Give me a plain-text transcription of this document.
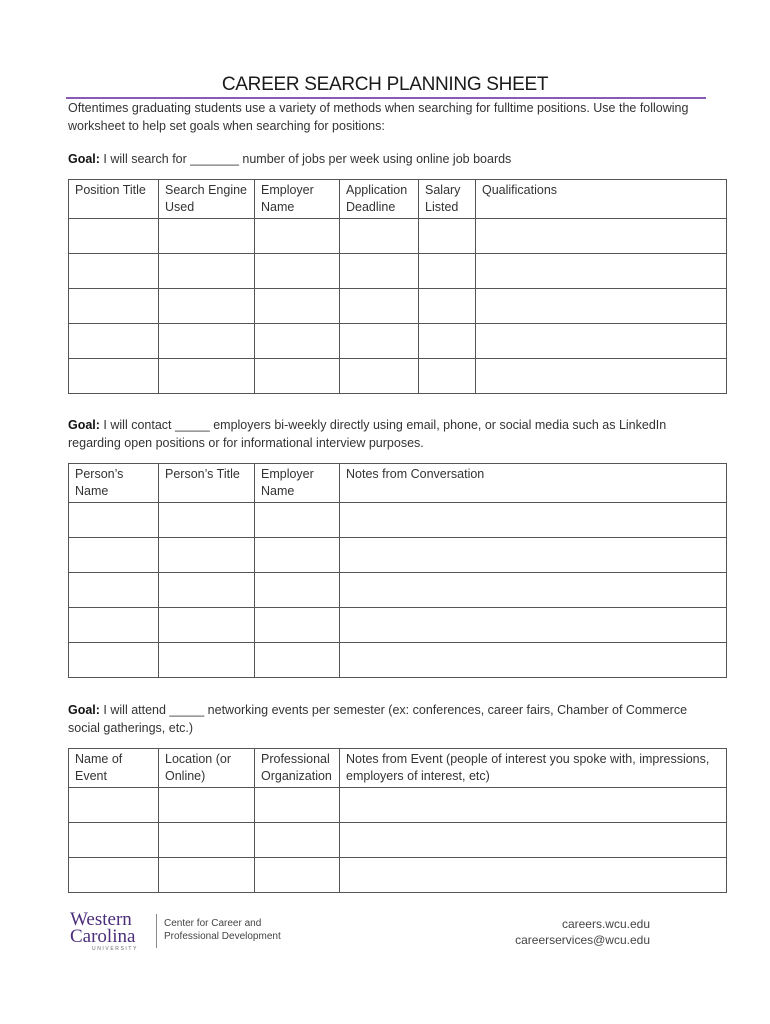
CAREER SEARCH PLANNING SHEET
Oftentimes graduating students use a variety of methods when searching for fulltime positions. Use the following worksheet to help set goals when searching for positions:
Goal: I will search for _______ number of jobs per week using online job boards
Position Title	Search Engine Used	Employer Name	Application Deadline	Salary Listed	Qualifications

Goal: I will contact _____ employers bi-weekly directly using email, phone, or social media such as LinkedIn regarding open positions or for informational interview purposes.
Person’s Name	Person’s Title	Employer Name	Notes from Conversation

Goal: I will attend _____ networking events per semester (ex: conferences, career fairs, Chamber of Commerce social gatherings, etc.)
Name of Event	Location (or Online)	Professional Organization	Notes from Event (people of interest you spoke with, impressions, employers of interest, etc)

Western
Carolina
UNIVERSITY
Center for Career and
Professional Development
careers.wcu.edu
careerservices@wcu.edu
